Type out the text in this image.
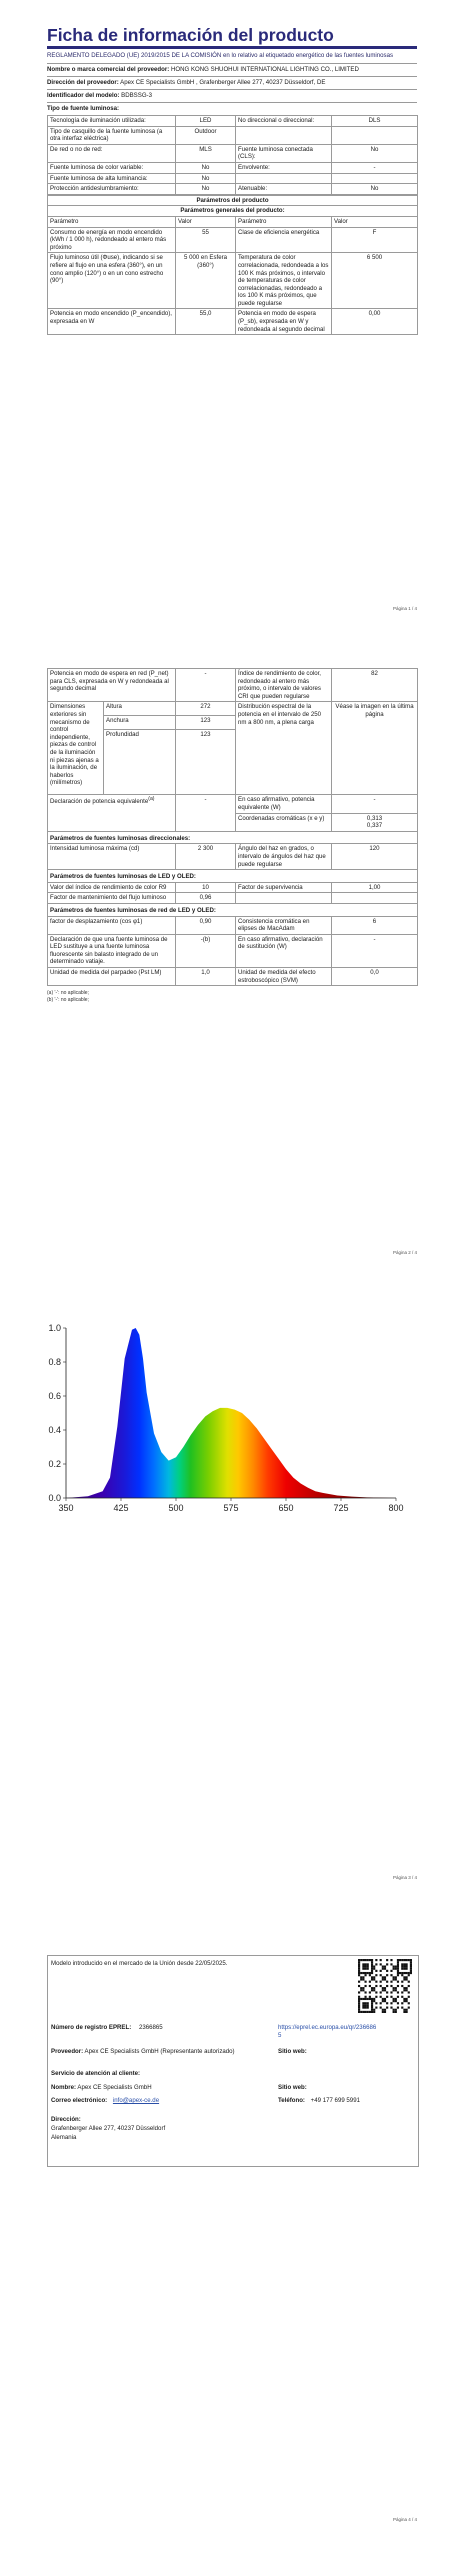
Ficha de información del producto

REGLAMENTO DELEGADO (UE) 2019/2015 DE LA COMISIÓN en lo relativo al etiquetado energético de las fuentes luminosas

Nombre o marca comercial del proveedor: HONG KONG SHUOHUI INTERNATIONAL LIGHTING CO., LIMITED
Dirección del proveedor: Apex CE Specialists GmbH , Grafenberger Allee 277, 40237 Düsseldorf, DE
Identificador del modelo: BDBSSG-3
Tipo de fuente luminosa:
Tecnología de iluminación utilizada:	LED	No direccional o direccional:	DLS
Tipo de casquillo de la fuente luminosa (a otra interfaz eléctrica)	Outdoor		
De red o no de red:	MLS	Fuente luminosa conectada (CLS):	No
Fuente luminosa de color variable:	No	Envolvente:	-
Fuente luminosa de alta luminancia:	No		
Protección antideslumbramiento:	No	Atenuable:	No
Parámetros del producto			
Parámetros generales del producto:			
Parámetro	Valor	Parámetro	Valor
Consumo de energía en modo encendido (kWh / 1 000 h), redondeado al entero más próximo	55	Clase de eficiencia energética	F
Flujo luminoso útil (Φuse), indicando si se refiere al flujo en una esfera (360°), en un cono amplio (120°) o en un cono estrecho (90°)	5 000 en Esfera (360°)	Temperatura de color correlacionada, redondeada a los 100 K más próximos, o intervalo de temperaturas de color correlacionadas, redondeado a los 100 K más próximos, que puede regularse	6 500
Potencia en modo encendido (P_encendido), expresada en W	55,0	Potencia en modo de espera (P_sb), expresada en W y redondeada al segundo decimal	0,00
Página 1 / 4
Potencia en modo de espera en red (P_net) para CLS, expresada en W y redondeada al segundo decimal		-	Índice de rendimiento de color, redondeado al entero más próximo, o intervalo de valores CRI que pueden regularse	82
Dimensiones exteriores sin mecanismo de control independiente, piezas de control de la iluminación ni piezas ajenas a la iluminación, de haberlos (milímetros)	Altura	272	Distribución espectral de la potencia en el intervalo de 250 nm a 800 nm, a plena carga	Véase la imagen en la última página
	Anchura	123		
	Profundidad	123		
Declaración de potencia equivalente$^{(a)}$		-	En caso afirmativo, potencia equivalente (W)	-
			Coordenadas cromáticas (x e y)	0,313
0,337

Parámetros de fuentes luminosas direccionales:				
Intensidad luminosa máxima (cd)		2 300	Ángulo del haz en grados, o intervalo de ángulos del haz que puede regularse	120
Parámetros de fuentes luminosas de LED y OLED:				
Valor del índice de rendimiento de color R9		10	Factor de supervivencia	1,00
Factor de mantenimiento del flujo luminoso		0,96		
Parámetros de fuentes luminosas de red de LED y OLED:				
factor de desplazamiento (cos φ1)		0,90	Consistencia cromática en elipses de MacAdam	6
Declaración de que una fuente luminosa de LED sustituye a una fuente luminosa fluorescente sin balasto integrado de un determinado vatiaje.		-(b)	En caso afirmativo, declaración de sustitución (W)	-
Unidad de medida del parpadeo (Pst LM)		1,0	Unidad de medida del efecto estroboscópico (SVM)	0,0
(a) '-': no aplicable;
(b) '-': no aplicable;
Página 2 / 4
350	425	500	575	650	725	800
0.0
0.2
0.4
0.6
0.8
1.0
Página 3 / 4
Modelo introducido en el mercado de la Unión desde 22/05/2025.
Número de registro EPREL: 2366865	https://eprel.ec.europa.eu/qr/2366865
Proveedor: Apex CE Specialists GmbH (Representante autorizado)	Sitio web:
Servicio de atención al cliente:
Nombre: Apex CE Specialists GmbH	Sitio web:
Correo electrónico: info@apex-ce.de	Teléfono: +49 177 699 5991
Dirección:
Grafenberger Allee 277, 40237 Düsseldorf
Alemania
Página 4 / 4
